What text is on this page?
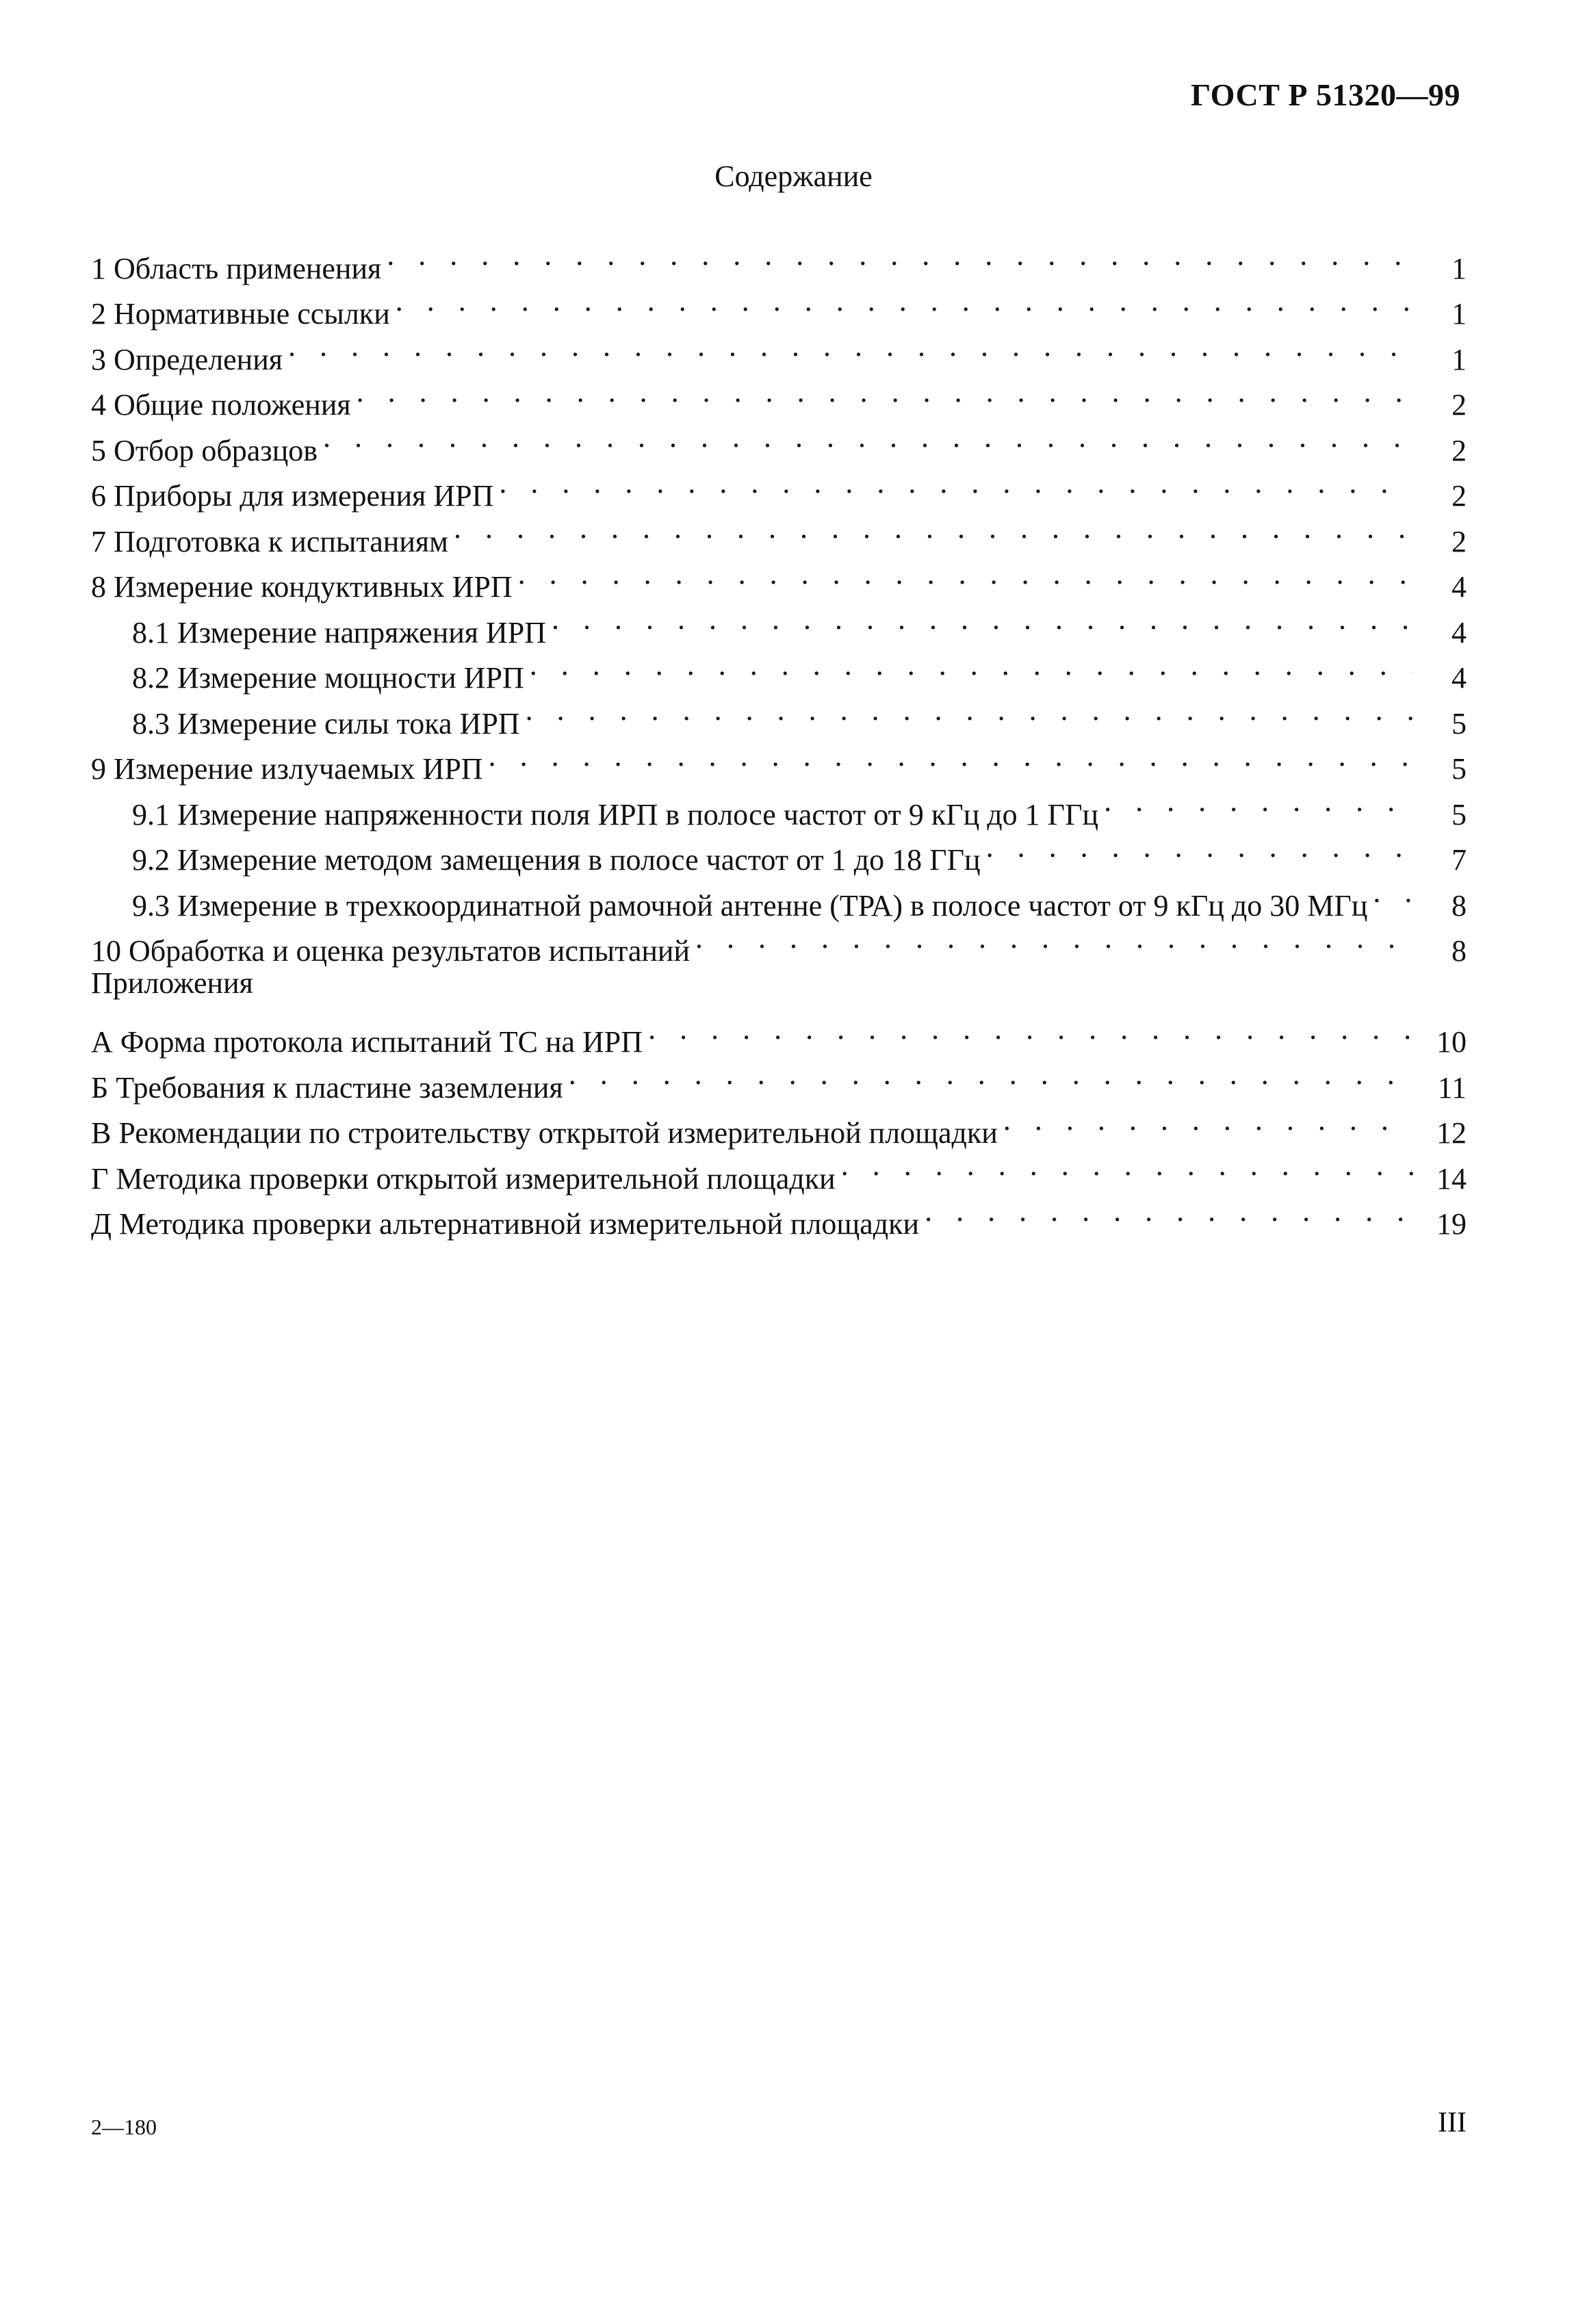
ГОСТ Р 51320—99
Содержание
1 Область применения . . .	1
2 Нормативные ссылки . . .	1
3 Определения . . .	1
4 Общие положения . . .	2
5 Отбор образцов . . .	2
6 Приборы для измерения ИРП . . .	2
7 Подготовка к испытаниям . . .	2
8 Измерение кондуктивных ИРП . . .	4
8.1 Измерение напряжения ИРП . . .	4
8.2 Измерение мощности ИРП . . .	4
8.3 Измерение силы тока ИРП . . .	5
9 Измерение излучаемых ИРП . . .	5
9.1 Измерение напряженности поля ИРП в полосе частот от 9 кГц до 1 ГГц . . .	5
9.2 Измерение методом замещения в полосе частот от 1 до 18 ГГц . . .	7
9.3 Измерение в трехкоординатной рамочной антенне (ТРА) в полосе частот от 9 кГц до 30 МГц . . .	8
10 Обработка и оценка результатов испытаний . . .	8
Приложения
А Форма протокола испытаний ТС на ИРП . . .	10
Б Требования к пластине заземления . . .	11
В Рекомендации по строительству открытой измерительной площадки . . .	12
Г Методика проверки открытой измерительной площадки . . .	14
Д Методика проверки альтернативной измерительной площадки . . .	19
2—180	III
